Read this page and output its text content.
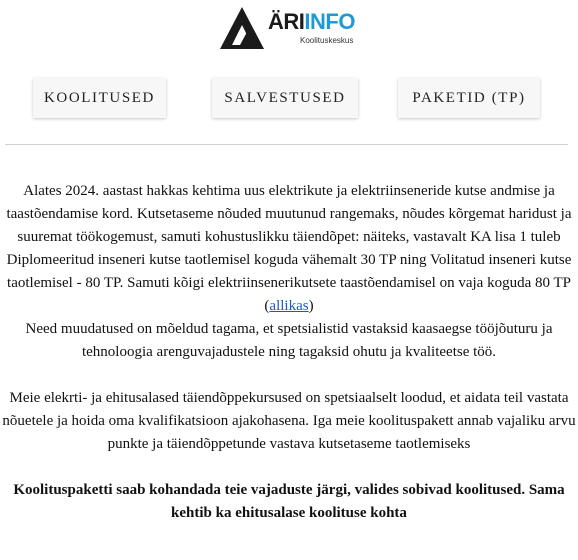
ÄRIINFO
Koolituskeskus
KOOLITUSED	SALVESTUSED	PAKETID (TP)

Alates 2024. aastast hakkas kehtima uus elektrikute ja elektriinseneride kutse andmise ja taastõendamise kord. Kutsetaseme nõuded muutunud rangemaks, nõudes kõrgemat haridust ja suuremat töökogemust, samuti kohustuslikku täiendõpet: näiteks, vastavalt KA lisa 1 tuleb Diplomeeritud inseneri kutse taotlemisel koguda vähemalt 30 TP ning Volitatud inseneri kutse taotlemisel - 80 TP. Samuti kõigi elektriinsenerikutsete taastõendamisel on vaja koguda 80 TP (allikas)

Need muudatused on mõeldud tagama, et spetsialistid vastaksid kaasaegse tööjõuturu ja tehnoloogia arenguvajadustele ning tagaksid ohutu ja kvaliteetse töö.

Meie elekrti- ja ehitusalased täiendõppekursused on spetsiaalselt loodud, et aidata teil vastata nõuetele ja hoida oma kvalifikatsioon ajakohasena. Iga meie koolituspakett annab vajaliku arvu punkte ja täiendõppetunde vastava kutsetaseme taotlemiseks

Koolituspaketti saab kohandada teie vajaduste järgi, valides sobivad koolitused. Sama kehtib ka ehitusalase koolituse kohta
